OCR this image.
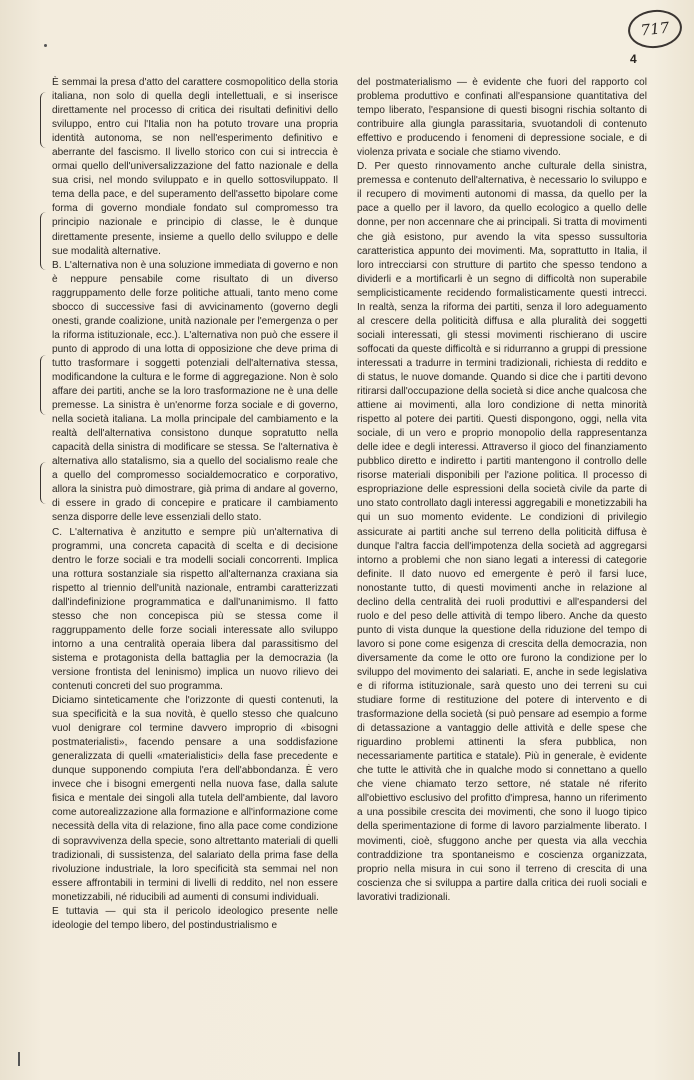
717
4

È semmai la presa d'atto del carattere cosmopolitico della storia italiana, non solo di quella degli intellettuali, e si inserisce direttamente nel processo di critica dei risultati definitivi dello sviluppo, entro cui l'Italia non ha potuto trovare una propria identità autonoma, se non nell'esperimento definitivo e aberrante del fascismo. Il livello storico con cui si intreccia è ormai quello dell'universalizzazione del fatto nazionale e della sua crisi, nel mondo sviluppato e in quello sottosviluppato. Il tema della pace, e del superamento dell'assetto bipolare come forma di governo mondiale fondato sul compromesso tra principio nazionale e principio di classe, le è dunque direttamente presente, insieme a quello dello sviluppo e delle sue modalità alternative.

B. L'alternativa non è una soluzione immediata di governo e non è neppure pensabile come risultato di un diverso raggruppamento delle forze politiche attuali, tanto meno come sbocco di successive fasi di avvicinamento (governo degli onesti, grande coalizione, unità nazionale per l'emergenza o per la riforma istituzionale, ecc.). L'alternativa non può che essere il punto di approdo di una lotta di opposizione che deve prima di tutto trasformare i soggetti potenziali dell'alternativa stessa, modificandone la cultura e le forme di aggregazione. Non è solo affare dei partiti, anche se la loro trasformazione ne è una delle premesse. La sinistra è un'enorme forza sociale e di governo, nella società italiana. La molla principale del cambiamento e la realtà dell'alternativa consistono dunque sopratutto nella capacità della sinistra di modificare se stessa. Se l'alternativa è alternativa allo statalismo, sia a quello del socialismo reale che a quello del compromesso socialdemocratico e corporativo, allora la sinistra può dimostrare, già prima di andare al governo, di essere in grado di concepire e praticare il cambiamento senza disporre delle leve essenziali dello stato.

C. L'alternativa è anzitutto e sempre più un'alternativa di programmi, una concreta capacità di scelta e di decisione dentro le forze sociali e tra modelli sociali concorrenti. Implica una rottura sostanziale sia rispetto all'alternanza craxiana sia rispetto al triennio dell'unità nazionale, entrambi caratterizzati dall'indefinizione programmatica e dall'unanimismo. Il fatto stesso che non concepisca più se stessa come il raggruppamento delle forze sociali interessate allo sviluppo intorno a una centralità operaia libera dal parassitismo del sistema e protagonista della battaglia per la democrazia (la versione frontista del leninismo) implica un nuovo rilievo dei contenuti concreti del suo programma.

Diciamo sinteticamente che l'orizzonte di questi contenuti, la sua specificità e la sua novità, è quello stesso che qualcuno vuol denigrare col termine davvero improprio di «bisogni postmaterialisti», facendo pensare a una soddisfazione generalizzata di quelli «materialistici» della fase precedente e dunque supponendo compiuta l'era dell'abbondanza. È vero invece che i bisogni emergenti nella nuova fase, dalla salute fisica e mentale dei singoli alla tutela dell'ambiente, dal lavoro come autorealizzazione alla formazione e all'informazione come necessità della vita di relazione, fino alla pace come condizione di sopravvivenza della specie, sono altrettanto materiali di quelli tradizionali, di sussistenza, del salariato della prima fase della rivoluzione industriale, la loro specificità sta semmai nel non essere affrontabili in termini di livelli di reddito, nel non essere monetizzabili, né riducibili ad aumenti di consumi individuali.

E tuttavia — qui sta il pericolo ideologico presente nelle ideologie del tempo libero, del postindustrialismo e

del postmaterialismo — è evidente che fuori del rapporto col problema produttivo e confinati all'espansione quantitativa del tempo liberato, l'espansione di questi bisogni rischia soltanto di contribuire alla giungla parassitaria, svuotandoli di contenuto effettivo e producendo i fenomeni di depressione sociale, e di violenza privata e sociale che stiamo vivendo.

D. Per questo rinnovamento anche culturale della sinistra, premessa e contenuto dell'alternativa, è necessario lo sviluppo e il recupero di movimenti autonomi di massa, da quello per la pace a quello per il lavoro, da quello ecologico a quello delle donne, per non accennare che ai principali. Si tratta di movimenti che già esistono, pur avendo la vita spesso sussultoria caratteristica appunto dei movimenti. Ma, soprattutto in Italia, il loro intrecciarsi con strutture di partito che spesso tendono a dividerli e a mortificarli è un segno di difficoltà non superabile semplicisticamente recidendo formalisticamente questi intrecci. In realtà, senza la riforma dei partiti, senza il loro adeguamento al crescere della politicità diffusa e alla pluralità dei soggetti sociali interessati, gli stessi movimenti rischierano di uscire soffocati da queste difficoltà e si ridurranno a gruppi di pressione interessati a tradurre in termini tradizionali, richiesta di reddito e di status, le nuove domande. Quando si dice che i partiti devono ritirarsi dall'occupazione della società si dice anche qualcosa che attiene ai movimenti, alla loro condizione di netta minorità rispetto al potere dei partiti. Questi dispongono, oggi, nella vita sociale, di un vero e proprio monopolio della rappresentanza delle idee e degli interessi. Attraverso il gioco del finanziamento pubblico diretto e indiretto i partiti mantengono il controllo delle risorse materiali disponibili per l'azione politica. Il processo di espropriazione delle espressioni della società civile da parte di uno stato controllato dagli interessi aggregabili e monetizzabili ha qui un suo momento evidente. Le condizioni di privilegio assicurate ai partiti anche sul terreno della politicità diffusa è dunque l'altra faccia dell'impotenza della società ad aggregarsi intorno a problemi che non siano legati a interessi di categorie definite. Il dato nuovo ed emergente è però il farsi luce, nonostante tutto, di questi movimenti anche in relazione al declino della centralità dei ruoli produttivi e all'espandersi del ruolo e del peso delle attività di tempo libero. Anche da questo punto di vista dunque la questione della riduzione del tempo di lavoro si pone come esigenza di crescita della democrazia, non diversamente da come le otto ore furono la condizione per lo sviluppo del movimento dei salariati. E, anche in sede legislativa e di riforma istituzionale, sarà questo uno dei terreni su cui studiare forme di restituzione del potere di intervento e di trasformazione della società (si può pensare ad esempio a forme di detassazione a vantaggio delle attività e delle spese che riguardino problemi attinenti la sfera pubblica, non necessariamente partitica e statale). Più in generale, è evidente che tutte le attività che in qualche modo si connettano a quello che viene chiamato terzo settore, né statale né riferito all'obiettivo esclusivo del profitto d'impresa, hanno un riferimento a una possibile crescita dei movimenti, che sono il luogo tipico della sperimentazione di forme di lavoro parzialmente liberato. I movimenti, cioè, sfuggono anche per questa via alla vecchia contraddizione tra spontaneismo e coscienza organizzata, proprio nella misura in cui sono il terreno di crescita di una coscienza che si sviluppa a partire dalla critica dei ruoli sociali e lavorativi tradizionali.
